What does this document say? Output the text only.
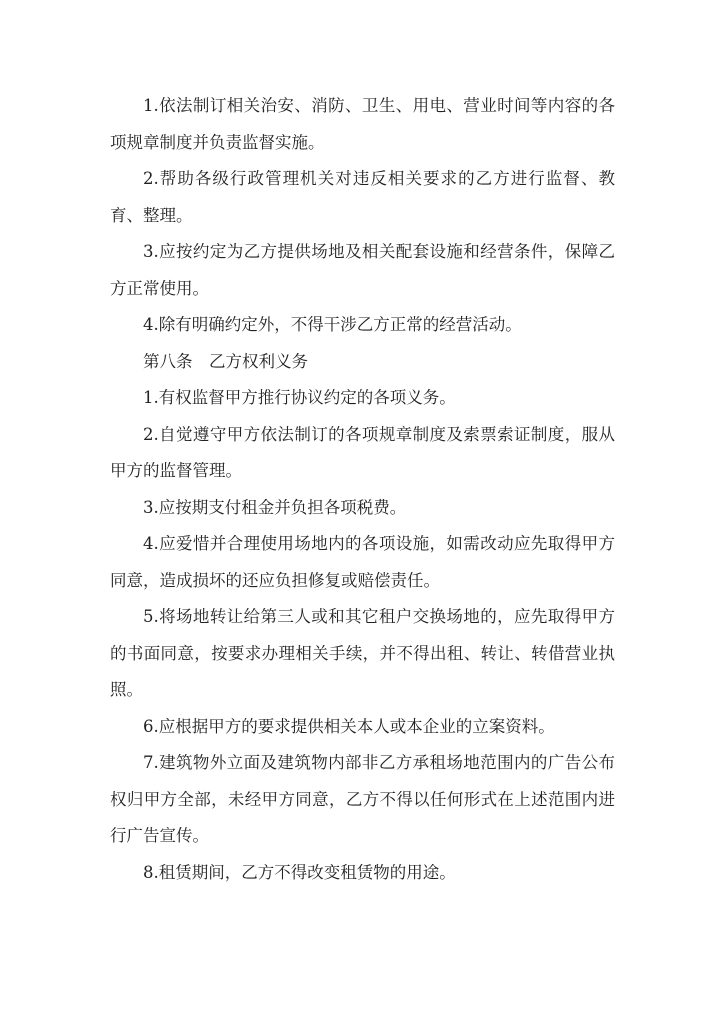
1.依法制订相关治安、消防、卫生、用电、营业时间等内容的各项规章制度并负责监督实施。

2.帮助各级行政管理机关对违反相关要求的乙方进行监督、教育、整理。

3.应按约定为乙方提供场地及相关配套设施和经营条件，保障乙方正常使用。

4.除有明确约定外，不得干涉乙方正常的经营活动。

第八条　乙方权利义务

1.有权监督甲方推行协议约定的各项义务。

2.自觉遵守甲方依法制订的各项规章制度及索票索证制度，服从甲方的监督管理。

3.应按期支付租金并负担各项税费。

4.应爱惜并合理使用场地内的各项设施，如需改动应先取得甲方同意，造成损坏的还应负担修复或赔偿责任。

5.将场地转让给第三人或和其它租户交换场地的，应先取得甲方的书面同意，按要求办理相关手续，并不得出租、转让、转借营业执照。

6.应根据甲方的要求提供相关本人或本企业的立案资料。

7.建筑物外立面及建筑物内部非乙方承租场地范围内的广告公布权归甲方全部，未经甲方同意，乙方不得以任何形式在上述范围内进行广告宣传。

8.租赁期间，乙方不得改变租赁物的用途。
